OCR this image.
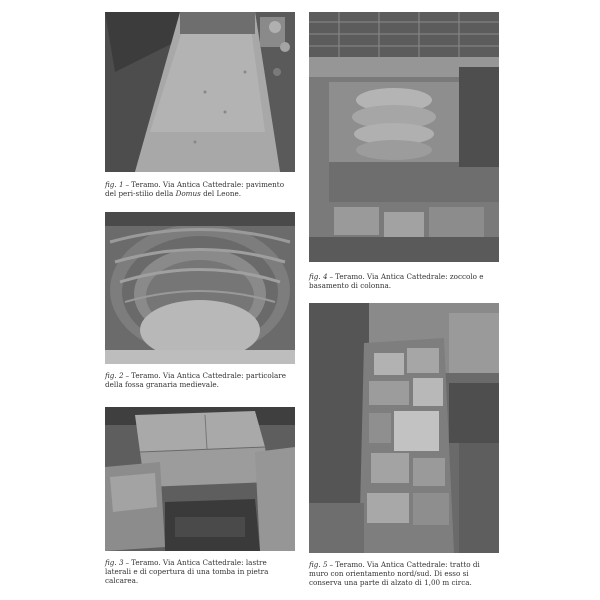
fig. 1 – Teramo. Via Antica Cattedrale: pavimento del peri-stilio della Domus del Leone.
fig. 2 – Teramo. Via Antica Cattedrale: particolare della fossa granaria medievale.
fig. 3 – Teramo. Via Antica Cattedrale: lastre laterali e di copertura di una tomba in pietra calcarea.
fig. 4 – Teramo. Via Antica Cattedrale: zoccolo e basamento di colonna.
fig. 5 – Teramo. Via Antica Cattedrale: tratto di muro con orientamento nord/sud. Di esso si conserva una parte di alzato di 1,00 m circa.
